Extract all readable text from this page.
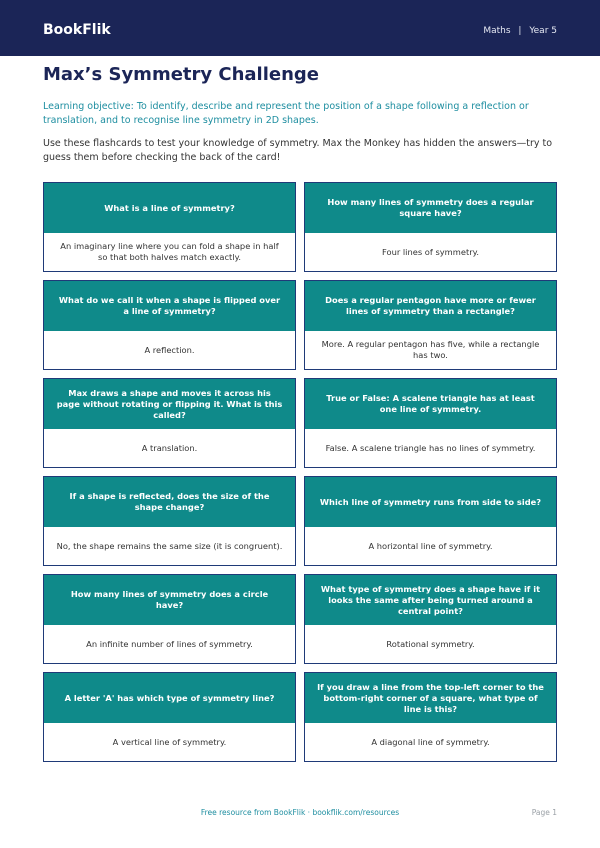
BookFlik	Maths | Year 5
Max’s Symmetry Challenge

Learning objective: To identify, describe and represent the position of a shape following a reflection or translation, and to recognise line symmetry in 2D shapes.

Use these flashcards to test your knowledge of symmetry. Max the Monkey has hidden the answers—try to guess them before checking the back of the card!

What is a line of symmetry?
An imaginary line where you can fold a shape in half so that both halves match exactly.
How many lines of symmetry does a regular square have?
Four lines of symmetry.
What do we call it when a shape is flipped over a line of symmetry?
A reflection.
Does a regular pentagon have more or fewer lines of symmetry than a rectangle?
More. A regular pentagon has five, while a rectangle has two.
Max draws a shape and moves it across his page without rotating or flipping it. What is this called?
A translation.
True or False: A scalene triangle has at least one line of symmetry.
False. A scalene triangle has no lines of symmetry.
If a shape is reflected, does the size of the shape change?
No, the shape remains the same size (it is congruent).
Which line of symmetry runs from side to side?
A horizontal line of symmetry.
How many lines of symmetry does a circle have?
An infinite number of lines of symmetry.
What type of symmetry does a shape have if it looks the same after being turned around a central point?
Rotational symmetry.
A letter 'A' has which type of symmetry line?
A vertical line of symmetry.
If you draw a line from the top-left corner to the bottom-right corner of a square, what type of line is this?
A diagonal line of symmetry.
Free resource from BookFlik · bookflik.com/resources	Page 1
